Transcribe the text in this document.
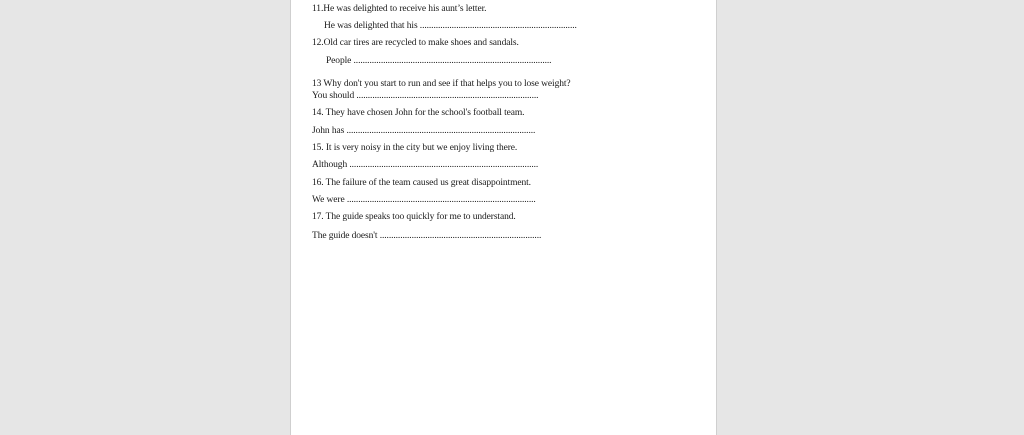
11.He was delighted to receive his aunt’s letter.
He was delighted that his .....................................................................
12.Old car tires are recycled to make shoes and sandals.
People .......................................................................................
13 Why don't you start to run and see if that helps you to lose weight?
You should ................................................................................
14. They have chosen John for the school's football team.
John has ...................................................................................
15. It is very noisy in the city but we enjoy living there.
Although ...................................................................................
16. The failure of the team caused us great disappointment.
We were ...................................................................................
17. The guide speaks too quickly for me to understand.
The guide doesn't .......................................................................
